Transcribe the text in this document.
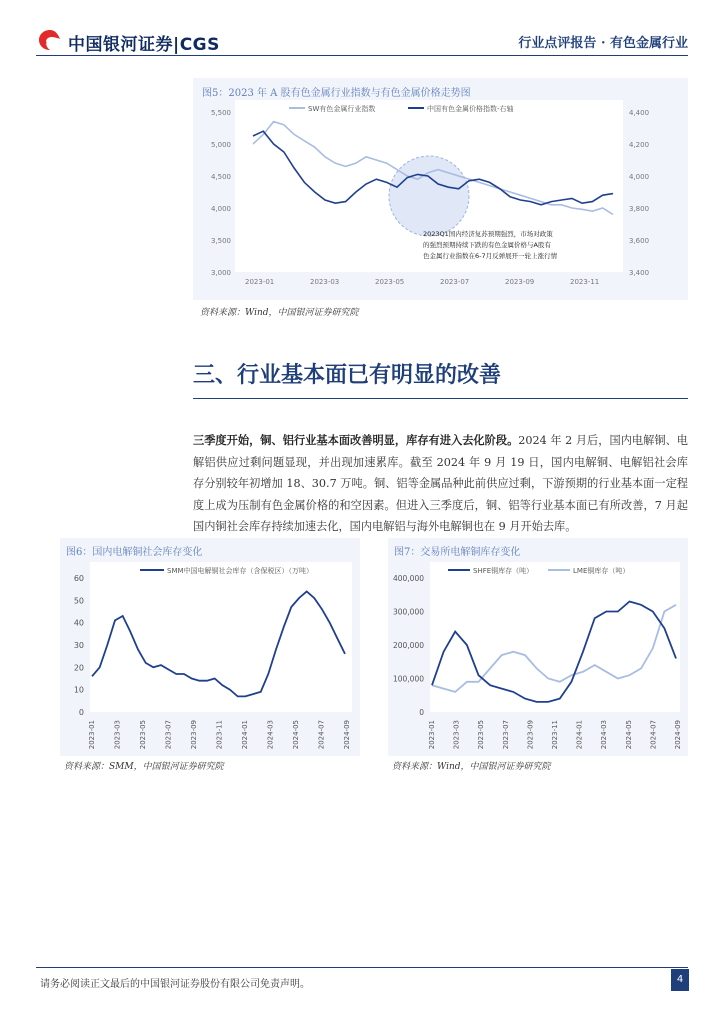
中国银河证券|CGS	行业点评报告 · 有色金属行业
图5：2023 年 A 股有色金属行业指数与有色金属价格走势图
3,000
3,500
4,000
4,500
5,000
5,500
3,400
3,600
3,800
4,000
4,200
4,400
2023-01	2023-03	2023-05	2023-07	2023-09	2023-11
SW有色金属行业指数	中国有色金属价格指数-右轴
2023Q1国内经济复苏预期强烈，市场对政策
的强烈预期持续下跌的有色金属价格与A股有
色金属行业指数在6-7月反弹展开一轮上涨行情
资料来源：Wind，中国银河证券研究院
三、行业基本面已有明显的改善
三季度开始，铜、铝行业基本面改善明显，库存有进入去化阶段。2024 年 2 月后，国内电解铜、电解铝供应过剩问题显现，并出现加速累库。截至 2024 年 9 月 19 日，国内电解铜、电解铝社会库存分别较年初增加 18、30.7 万吨。铜、铝等金属品种此前供应过剩，下游预期的行业基本面一定程度上成为压制有色金属价格的和空因素。但进入三季度后，铜、铝等行业基本面已有所改善，7 月起国内铜社会库存持续加速去化，国内电解铝与海外电解铜也在 9 月开始去库。
图6：国内电解铜社会库存变化
0
10
20
30
40
50
60
2023-01	2023-03	2023-05	2023-07	2023-09	2023-11	2024-01	2024-03	2024-05	2024-07	2024-09
SMM中国电解铜社会库存（含保税区）（万吨）
资料来源：SMM，中国银河证券研究院
图7：交易所电解铜库存变化
0
100,000
200,000
300,000
400,000
2023-01 2023-03 2023-05 2023-07 2023-09 2023-11 2024-01 2024-03 2024-05 2024-07 2024-09
SHFE铜库存（吨）	LME铜库存（吨）
资料来源：Wind，中国银河证券研究院
请务必阅读正文最后的中国银河证券股份有限公司免责声明。	4
